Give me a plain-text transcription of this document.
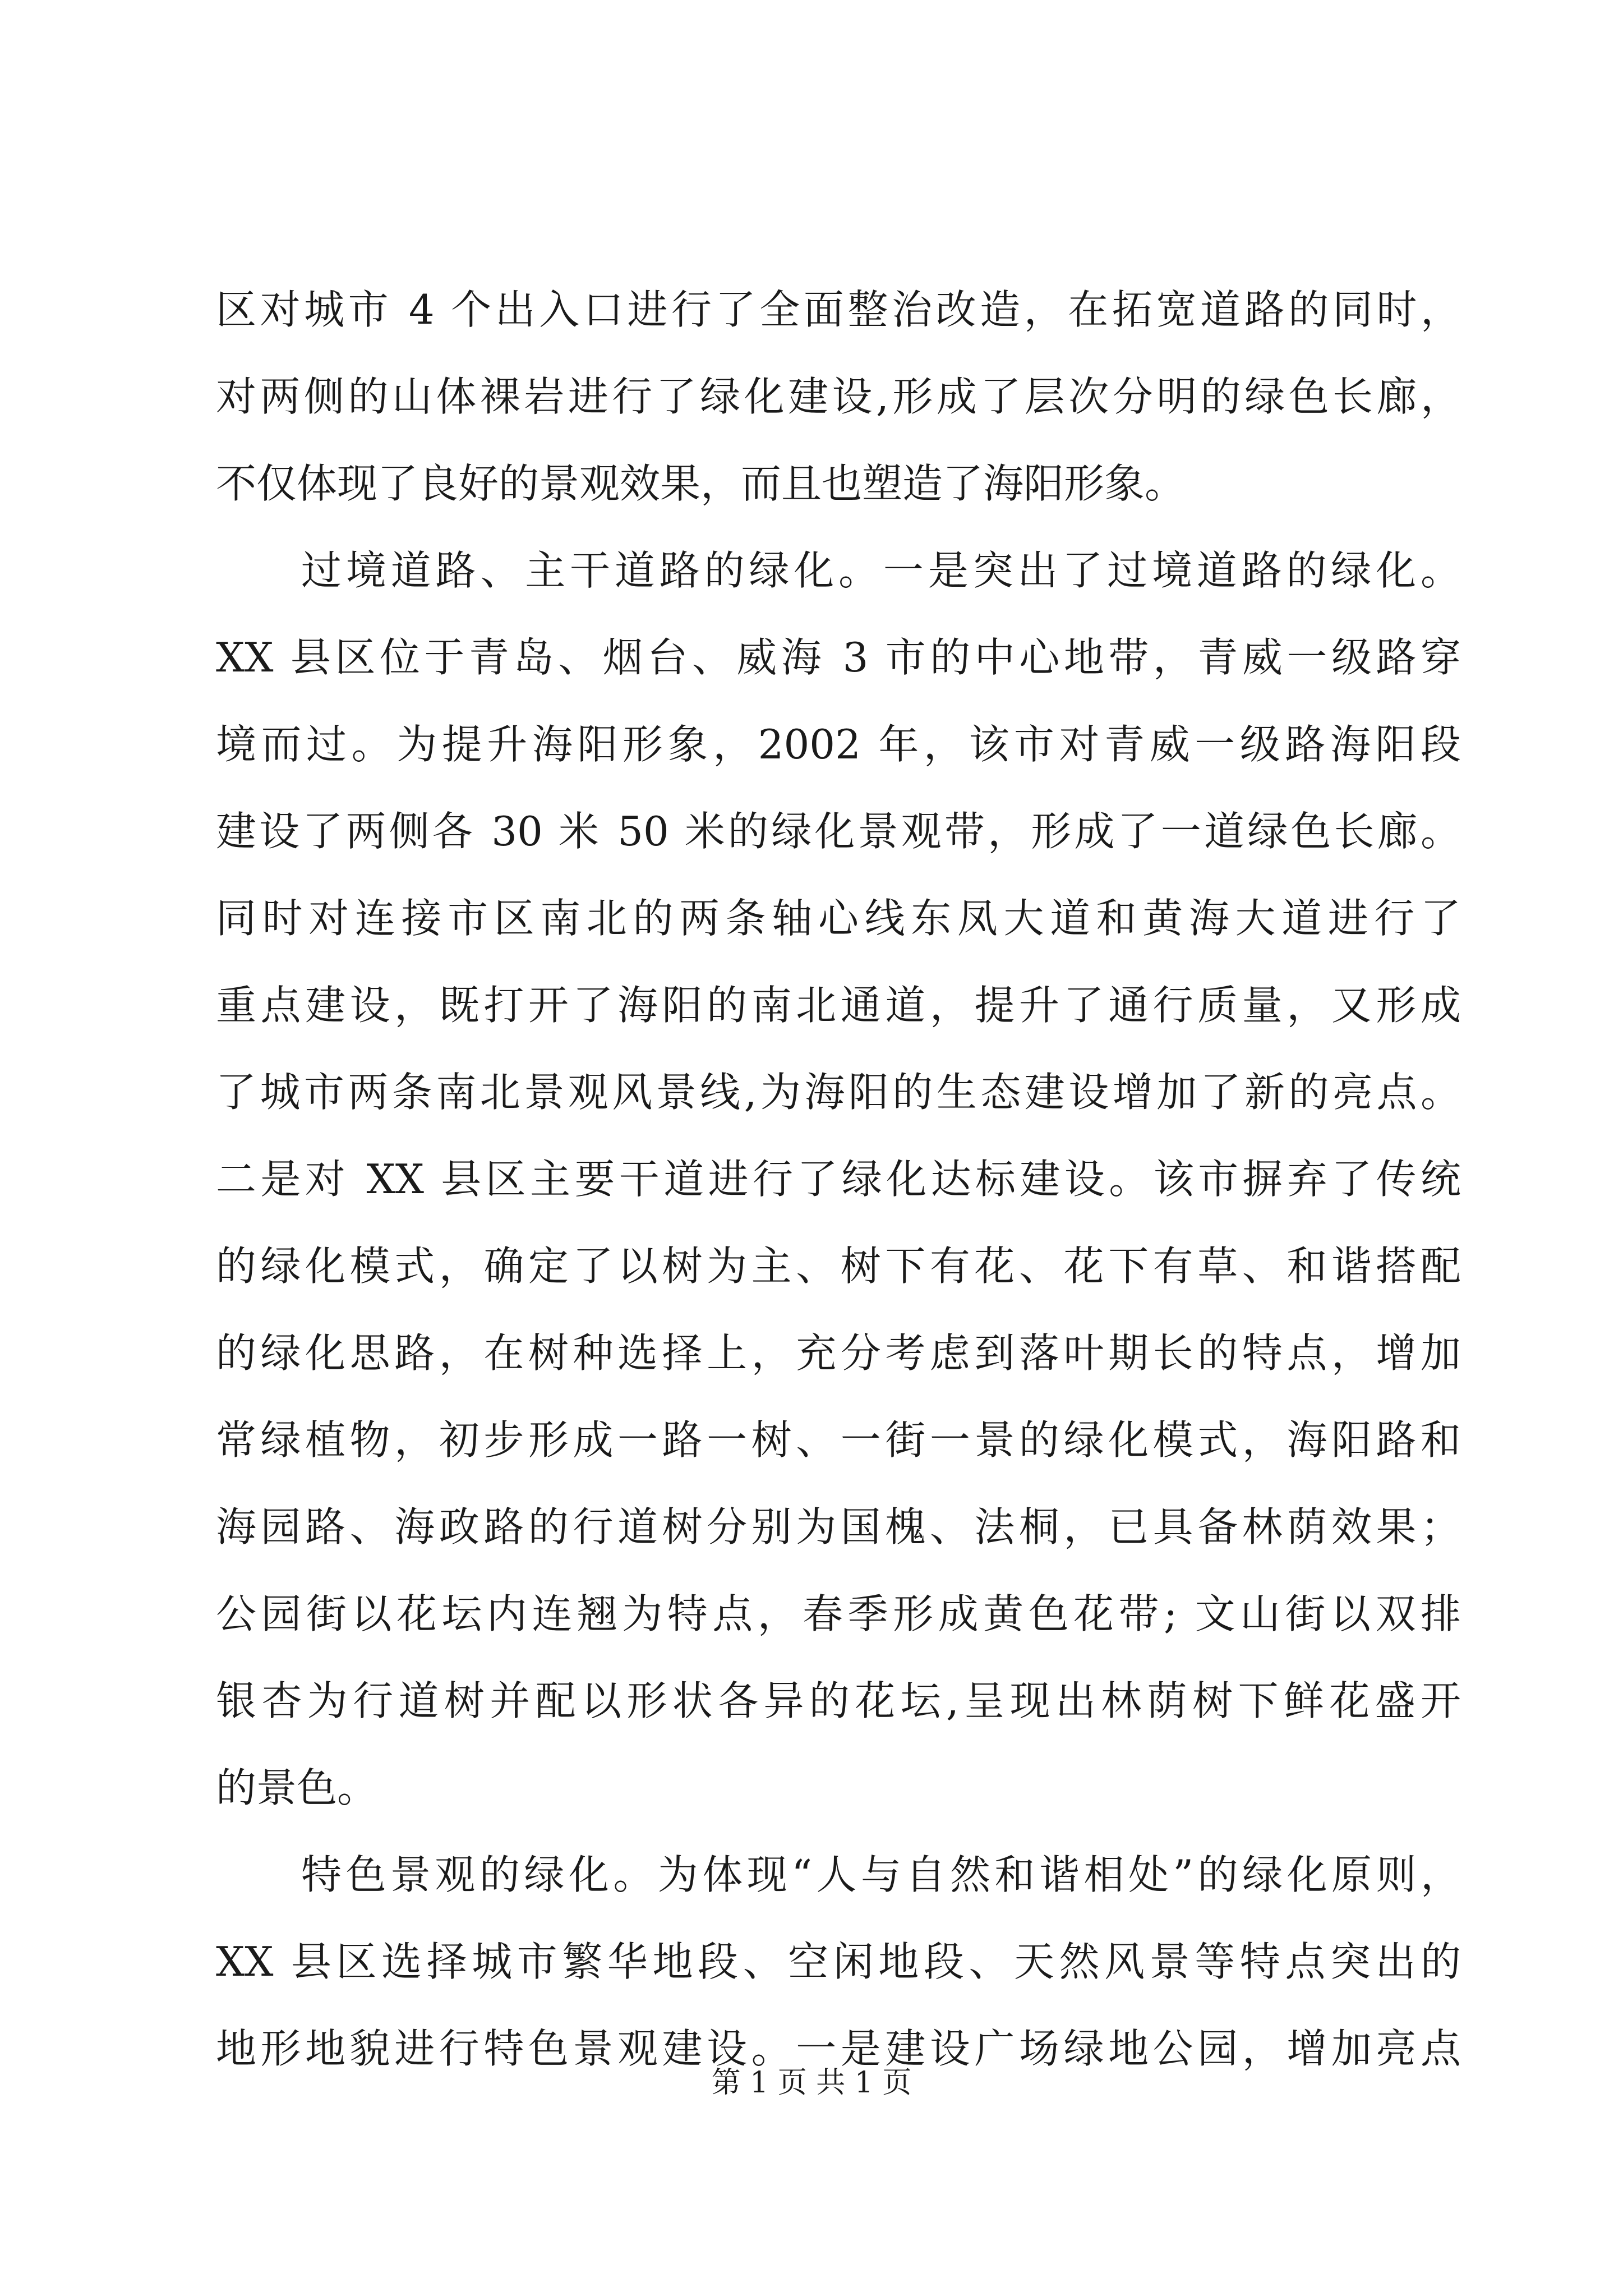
区对城市 4 个出入口进行了全面整治改造，在拓宽道路的同时，
对两侧的山体裸岩进行了绿化建设,形成了层次分明的绿色长廊，
不仅体现了良好的景观效果，而且也塑造了海阳形象。
过境道路、主干道路的绿化。一是突出了过境道路的绿化。
XX 县区位于青岛、烟台、威海 3 市的中心地带，青威一级路穿
境而过。为提升海阳形象，2002 年，该市对青威一级路海阳段
建设了两侧各 30 米 50 米的绿化景观带，形成了一道绿色长廊。
同时对连接市区南北的两条轴心线东凤大道和黄海大道进行了
重点建设，既打开了海阳的南北通道，提升了通行质量，又形成
了城市两条南北景观风景线,为海阳的生态建设增加了新的亮点。
二是对 XX 县区主要干道进行了绿化达标建设。该市摒弃了传统
的绿化模式，确定了以树为主、树下有花、花下有草、和谐搭配
的绿化思路，在树种选择上，充分考虑到落叶期长的特点，增加
常绿植物，初步形成一路一树、一街一景的绿化模式，海阳路和
海园路、海政路的行道树分别为国槐、法桐，已具备林荫效果；
公园街以花坛内连翘为特点，春季形成黄色花带; 文山街以双排
银杏为行道树并配以形状各异的花坛,呈现出林荫树下鲜花盛开
的景色。
特色景观的绿化。为体现“人与自然和谐相处”的绿化原则，
XX 县区选择城市繁华地段、空闲地段、天然风景等特点突出的
地形地貌进行特色景观建设。一是建设广场绿地公园，增加亮点
第 1 页 共 1 页
